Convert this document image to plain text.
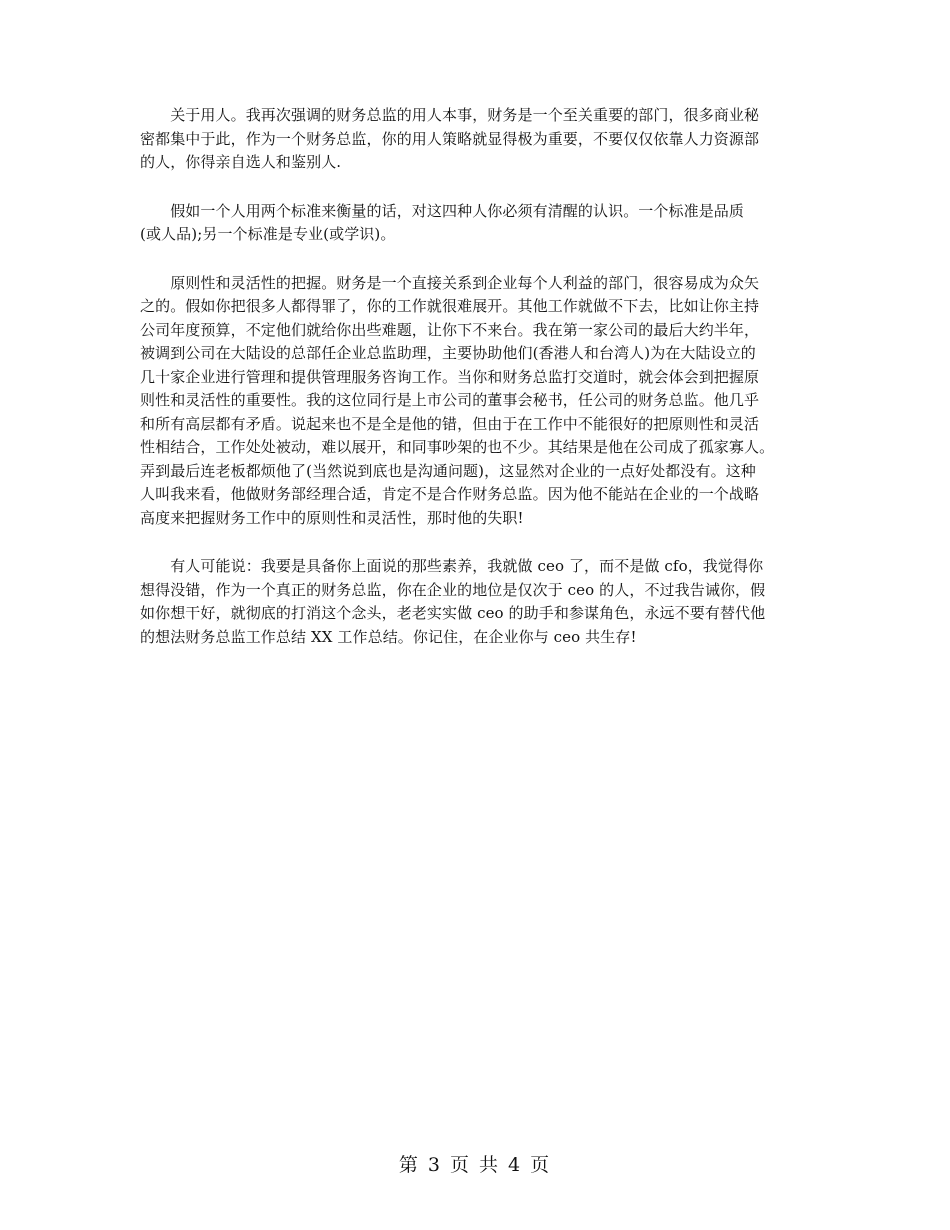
　　关于用人。我再次强调的财务总监的用人本事，财务是一个至关重要的部门，很多商业秘
密都集中于此，作为一个财务总监，你的用人策略就显得极为重要，不要仅仅依靠人力资源部
的人，你得亲自选人和鉴别人.
　　假如一个人用两个标准来衡量的话，对这四种人你必须有清醒的认识。一个标准是品质
(或人品);另一个标准是专业(或学识)。
　　原则性和灵活性的把握。财务是一个直接关系到企业每个人利益的部门，很容易成为众矢
之的。假如你把很多人都得罪了，你的工作就很难展开。其他工作就做不下去，比如让你主持
公司年度预算，不定他们就给你出些难题，让你下不来台。我在第一家公司的最后大约半年，
被调到公司在大陆设的总部任企业总监助理，主要协助他们(香港人和台湾人)为在大陆设立的
几十家企业进行管理和提供管理服务咨询工作。当你和财务总监打交道时，就会体会到把握原
则性和灵活性的重要性。我的这位同行是上市公司的董事会秘书，任公司的财务总监。他几乎
和所有高层都有矛盾。说起来也不是全是他的错，但由于在工作中不能很好的把原则性和灵活
性相结合，工作处处被动，难以展开，和同事吵架的也不少。其结果是他在公司成了孤家寡人。
弄到最后连老板都烦他了(当然说到底也是沟通问题)，这显然对企业的一点好处都没有。这种
人叫我来看，他做财务部经理合适，肯定不是合作财务总监。因为他不能站在企业的一个战略
高度来把握财务工作中的原则性和灵活性，那时他的失职!
　　有人可能说：我要是具备你上面说的那些素养，我就做 ceo 了，而不是做 cfo，我觉得你
想得没错，作为一个真正的财务总监，你在企业的地位是仅次于 ceo 的人，不过我告诫你，假
如你想干好，就彻底的打消这个念头，老老实实做 ceo 的助手和参谋角色，永远不要有替代他
的想法财务总监工作总结 XX 工作总结。你记住，在企业你与 ceo 共生存!
第 3 页 共 4 页
